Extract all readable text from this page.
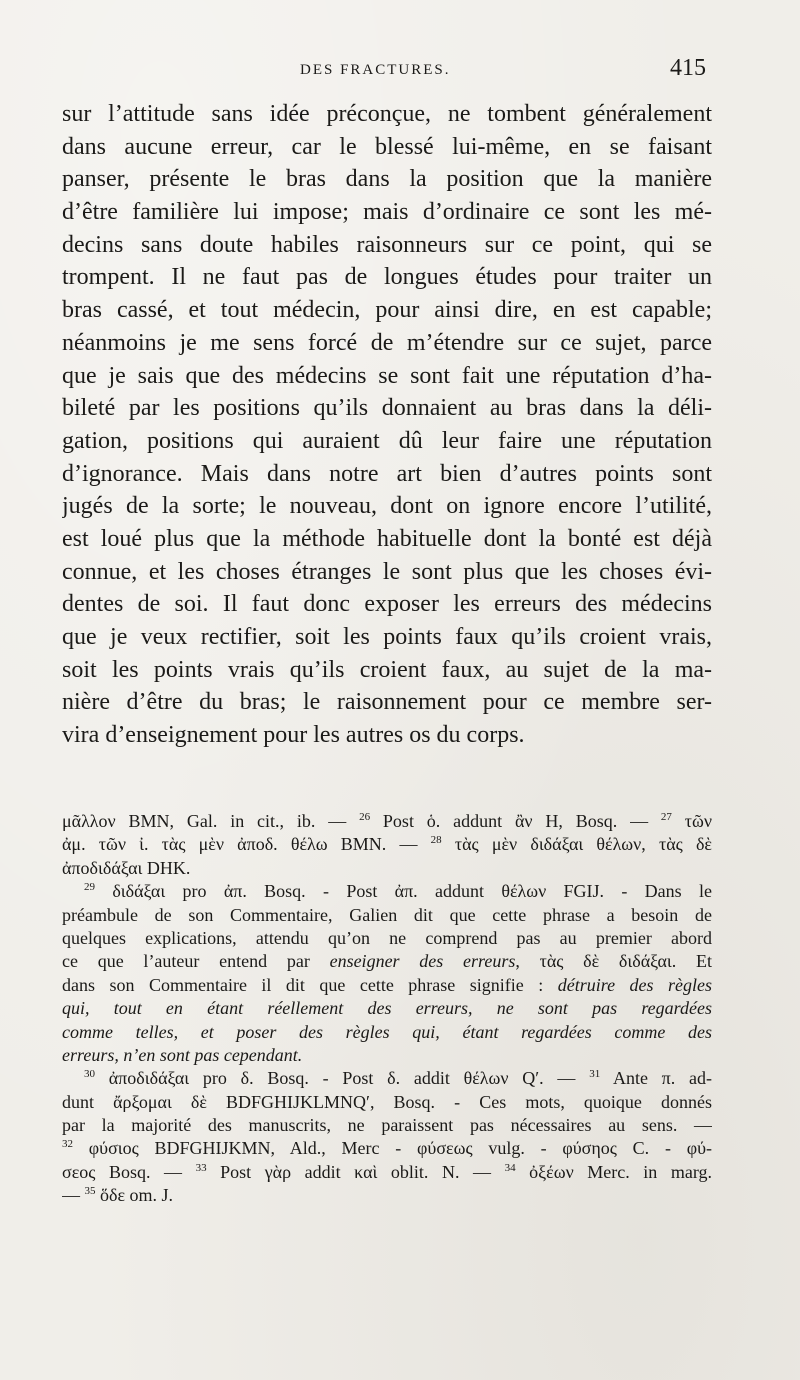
DES FRACTURES.	415
sur l’attitude sans idée préconçue, ne tombent généralement
dans aucune erreur, car le blessé lui-même, en se faisant
panser, présente le bras dans la position que la manière
d’être familière lui impose; mais d’ordinaire ce sont les mé-
decins sans doute habiles raisonneurs sur ce point, qui se
trompent. Il ne faut pas de longues études pour traiter un
bras cassé, et tout médecin, pour ainsi dire, en est capable;
néanmoins je me sens forcé de m’étendre sur ce sujet, parce
que je sais que des médecins se sont fait une réputation d’ha-
bileté par les positions qu’ils donnaient au bras dans la déli-
gation, positions qui auraient dû leur faire une réputation
d’ignorance. Mais dans notre art bien d’autres points sont
jugés de la sorte; le nouveau, dont on ignore encore l’utilité,
est loué plus que la méthode habituelle dont la bonté est déjà
connue, et les choses étranges le sont plus que les choses évi-
dentes de soi. Il faut donc exposer les erreurs des médecins
que je veux rectifier, soit les points faux qu’ils croient vrais,
soit les points vrais qu’ils croient faux, au sujet de la ma-
nière d’être du bras; le raisonnement pour ce membre ser-
vira d’enseignement pour les autres os du corps.
μᾶλλον BMN, Gal. in cit., ib. — $^{26}$ Post ὁ. addunt ἂν H, Bosq. — $^{27}$ τῶν
ἀμ. τῶν ἰ. τὰς μὲν ἀποδ. θέλω BMN. — $^{28}$ τὰς μὲν διδάξαι θέλων, τὰς δὲ
ἀποδιδάξαι DHK.
$^{29}$ διδάξαι pro ἀπ. Bosq. - Post ἀπ. addunt θέλων FGIJ. - Dans le
préambule de son Commentaire, Galien dit que cette phrase a besoin de
quelques explications, attendu qu’on ne comprend pas au premier abord
ce que l’auteur entend par enseigner des erreurs, τὰς δὲ διδάξαι. Et
dans son Commentaire il dit que cette phrase signifie : détruire des règles
qui, tout en étant réellement des erreurs, ne sont pas regardées
comme telles, et poser des règles qui, étant regardées comme des
erreurs, n’en sont pas cependant.
$^{30}$ ἀποδιδάξαι pro δ. Bosq. - Post δ. addit θέλων Q′. — $^{31}$ Ante π. ad-
dunt ἄρξομαι δὲ BDFGHIJKLMNQ′, Bosq. - Ces mots, quoique donnés
par la majorité des manuscrits, ne paraissent pas nécessaires au sens. —
$^{32}$ φύσιος BDFGHIJKMN, Ald., Merc - φύσεως vulg. - φύσηος C. - φύ-
σεος Bosq. — $^{33}$ Post γὰρ addit καὶ oblit. N. — $^{34}$ ὀξέων Merc. in marg.
— $^{35}$ ὅδε om. J.
